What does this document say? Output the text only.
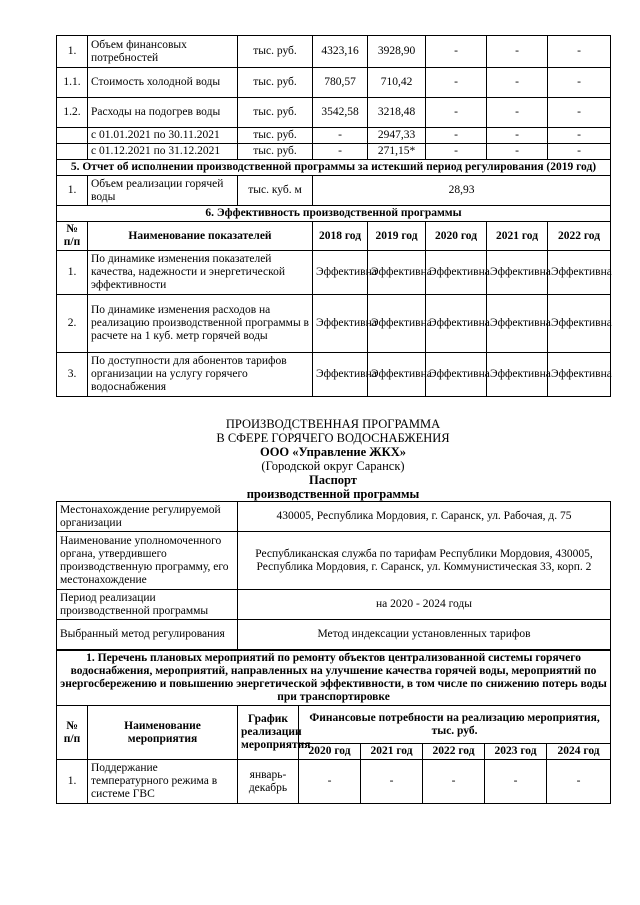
1.	Объем финансовых потребностей	тыс. руб.	4323,16	3928,90	-	-	-
1.1.	Стоимость холодной воды	тыс. руб.	780,57	710,42	-	-	-
1.2.	Расходы на подогрев воды	тыс. руб.	3542,58	3218,48	-	-	-
	с 01.01.2021 по 30.11.2021	тыс. руб.	-	2947,33	-	-	-
	с 01.12.2021 по 31.12.2021	тыс. руб.	-	271,15*	-	-	-
5. Отчет об исполнении производственной программы за истекший период регулирования (2019 год)							
1.	Объем реализации горячей воды	тыс. куб. м	28,93				
6. Эффективность производственной программы							
№ п/п	Наименование показателей		2018 год	2019 год	2020 год	2021 год	2022 год
1.	По динамике изменения показателей качества, надежности и энергетической эффективности		Эффективна	Эффективна	Эффективна	Эффективна	Эффективна
2.	По динамике изменения расходов на реализацию производственной программы в расчете на 1 куб. метр горячей воды		Эффективна	Эффективна	Эффективна	Эффективна	Эффективна
3.	По доступности для абонентов тарифов организации на услугу горячего водоснабжения		Эффективна	Эффективна	Эффективна	Эффективна	Эффективна
ПРОИЗВОДСТВЕННАЯ ПРОГРАММА
В СФЕРЕ ГОРЯЧЕГО ВОДОСНАБЖЕНИЯ
ООО «Управление ЖКХ»
(Городской округ Саранск)
Паспорт
производственной программы
Местонахождение регулируемой организации	430005, Республика Мордовия, г. Саранск, ул. Рабочая, д. 75
Наименование уполномоченного органа, утвердившего производственную программу, его местонахождение	Республиканская служба по тарифам Республики Мордовия, 430005, Республика Мордовия, г. Саранск, ул. Коммунистическая 33, корп. 2
Период реализации производственной программы	на 2020 - 2024 годы
Выбранный метод регулирования	Метод индексации установленных тарифов
1. Перечень плановых мероприятий по ремонту объектов централизованной системы горячего водоснабжения, мероприятий, направленных на улучшение качества горячей воды, мероприятий по энергосбережению и повышению энергетической эффективности, в том числе по снижению потерь воды при транспортировке							
№ п/п	Наименование мероприятия	График реализации мероприятия	Финансовые потребности на реализацию мероприятия, тыс. руб.				
			2020 год	2021 год	2022 год	2023 год	2024 год
1.	Поддержание температурного режима в системе ГВС	январь-декабрь	-	-	-	-	-
